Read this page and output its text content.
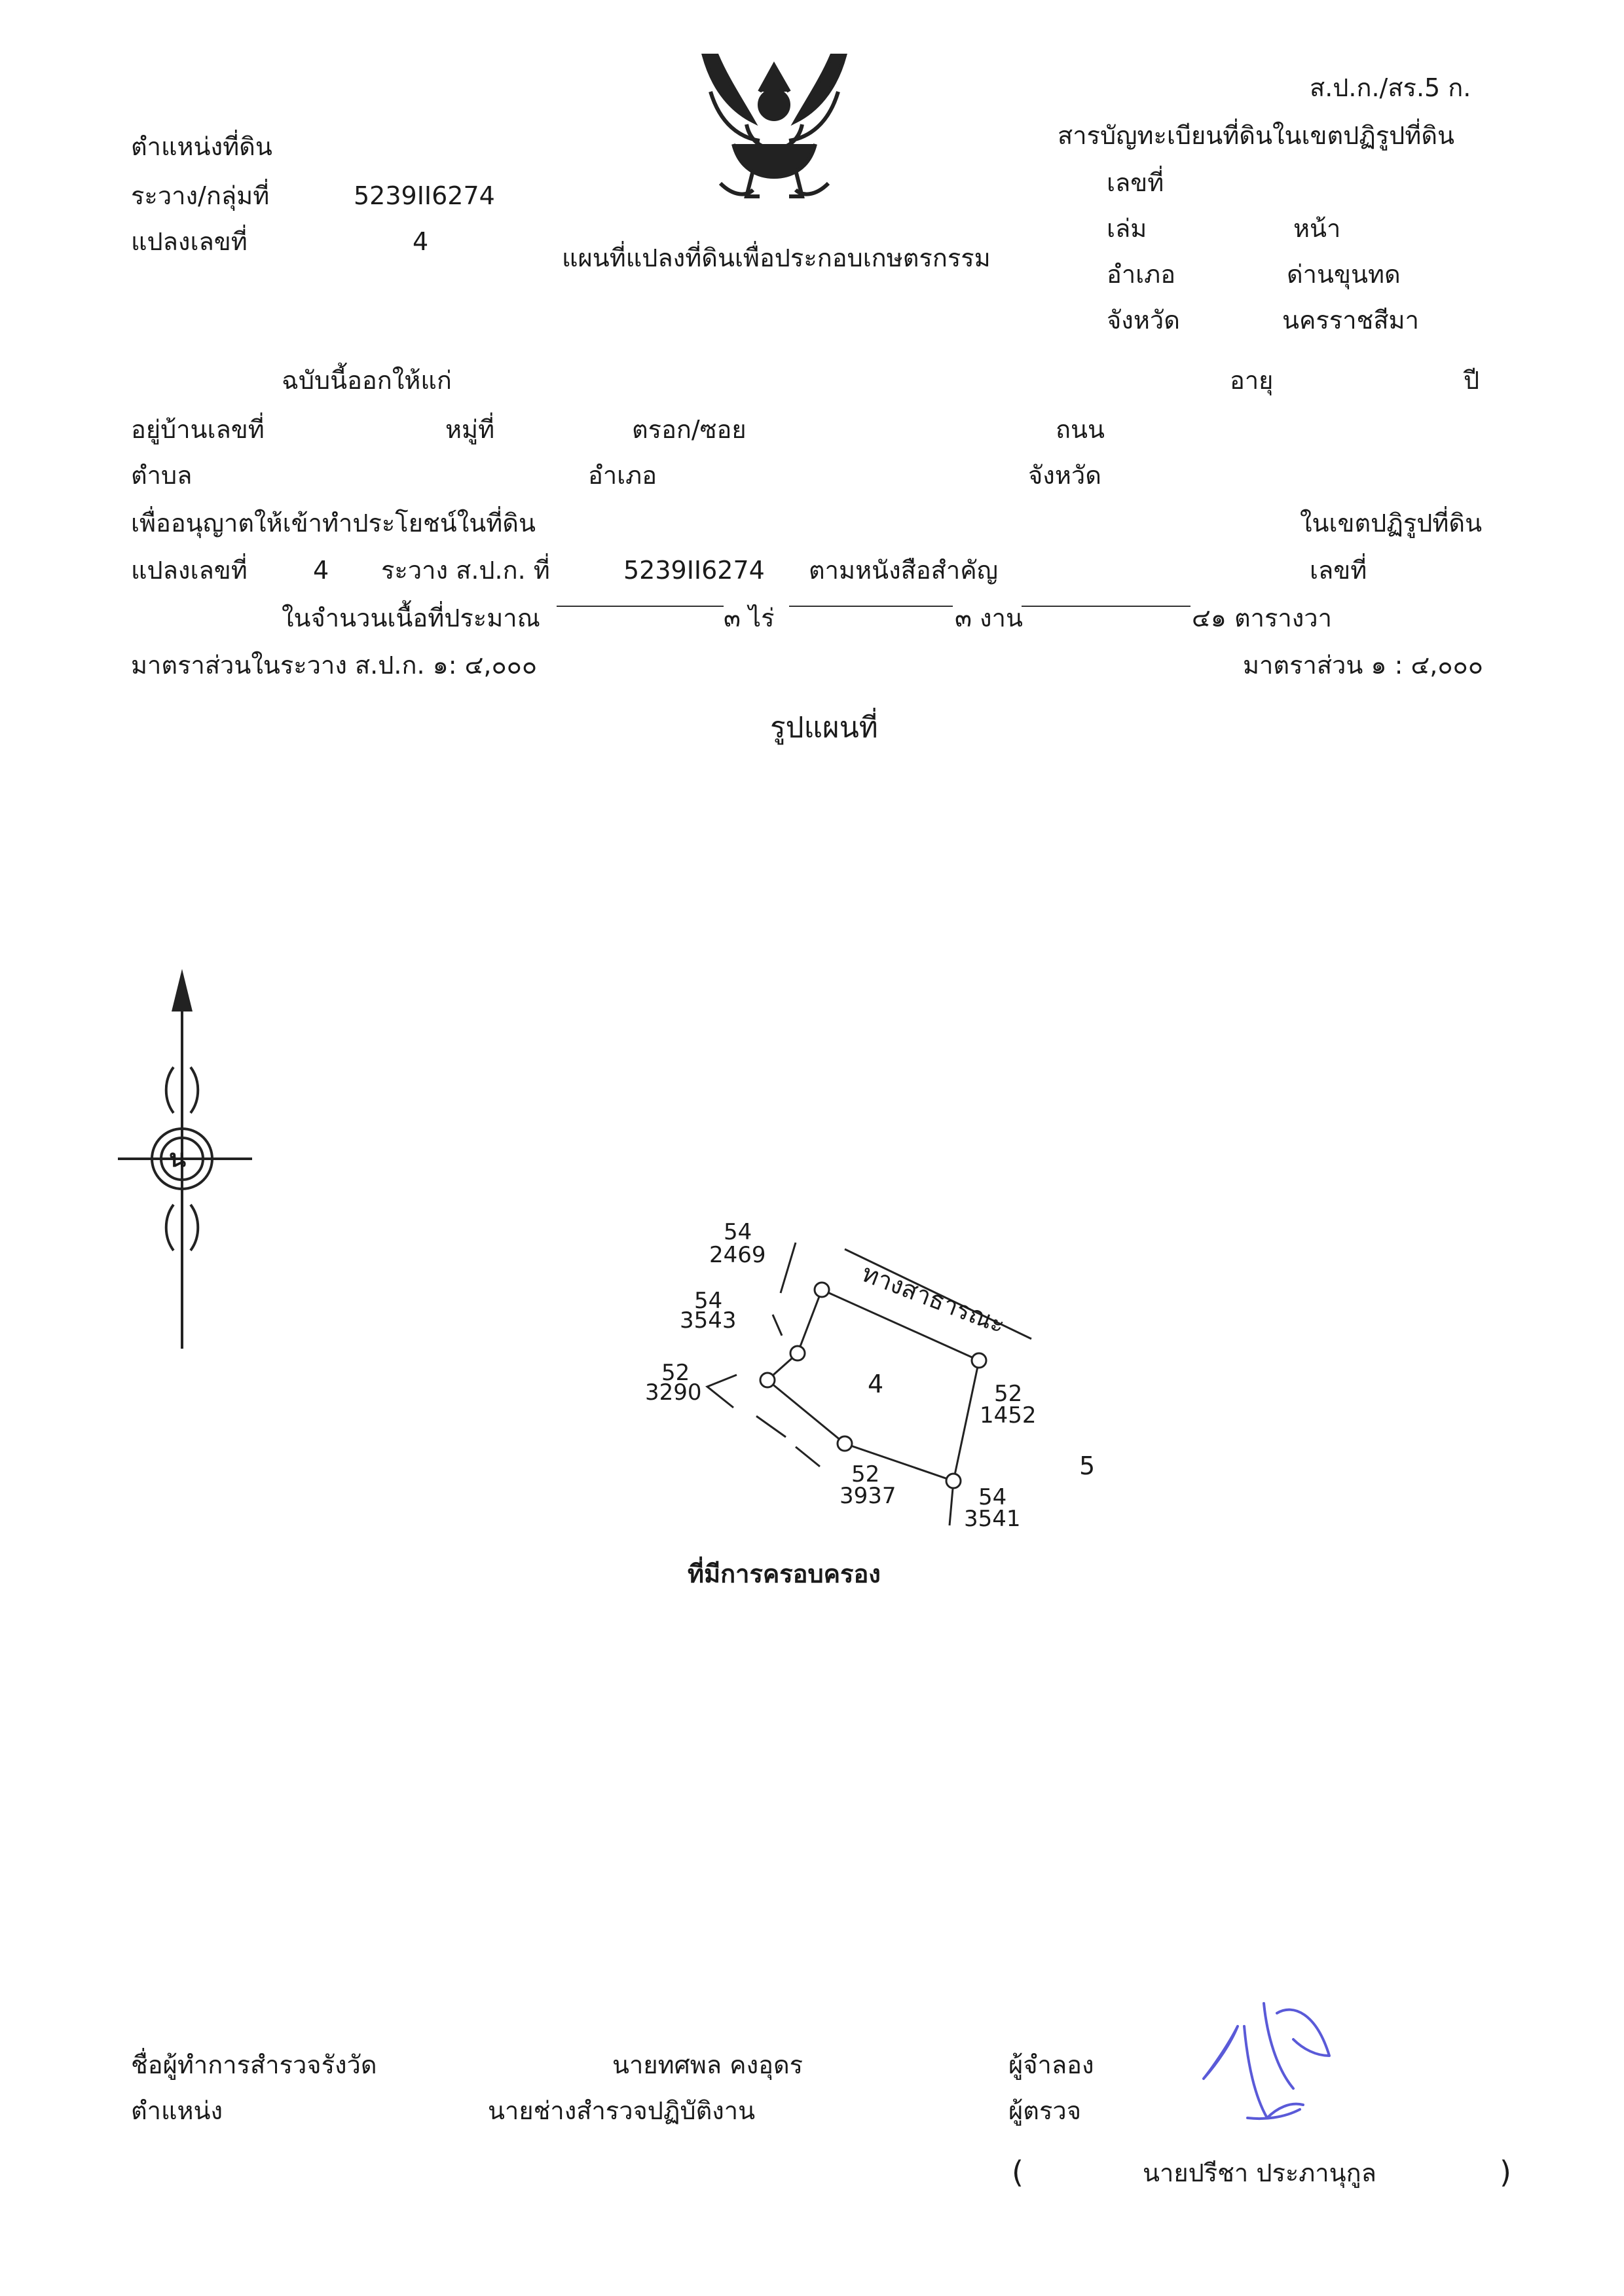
ตำแหน่งที่ดิน
ระวาง/กลุ่มที่	5239II6274
แปลงเลขที่	4
แผนที่แปลงที่ดินเพื่อประกอบเกษตรกรรม
ส.ป.ก./สร.5 ก.
สารบัญทะเบียนที่ดินในเขตปฏิรูปที่ดิน
เลขที่
เล่ม	หน้า
อำเภอ	ด่านขุนทด
จังหวัด	นครราชสีมา
ฉบับนี้ออกให้แก่	อายุ	ปี
อยู่บ้านเลขที่	หมู่ที่	ตรอก/ซอย	ถนน
ตำบล	อำเภอ	จังหวัด
เพื่ออนุญาตให้เข้าทำประโยชน์ในที่ดิน	ในเขตปฏิรูปที่ดิน
แปลงเลขที่	4 ระวาง ส.ป.ก. ที่	5239II6274 ตามหนังสือสำคัญ	เลขที่
ในจำนวนเนื้อที่ประมาณ	๓ ไร่	๓ งาน	๔๑ ตารางวา
มาตราส่วนในระวาง ส.ป.ก. ๑: ๔,๐๐๐	มาตราส่วน ๑ : ๔,๐๐๐
รูปแผนที่
น
ทางสาธารณะ
4
5
54
2469
54
3543
52
3290	52
1452
52
3937	54
3541
ที่มีการครอบครอง
ชื่อผู้ทำการสำรวจรังวัด	นายทศพล คงอุดร	ผู้จำลอง
ตำแหน่ง	นายช่างสำรวจปฏิบัติงาน	ผู้ตรวจ
(	นายปรีชา ประภานุกูล	)
